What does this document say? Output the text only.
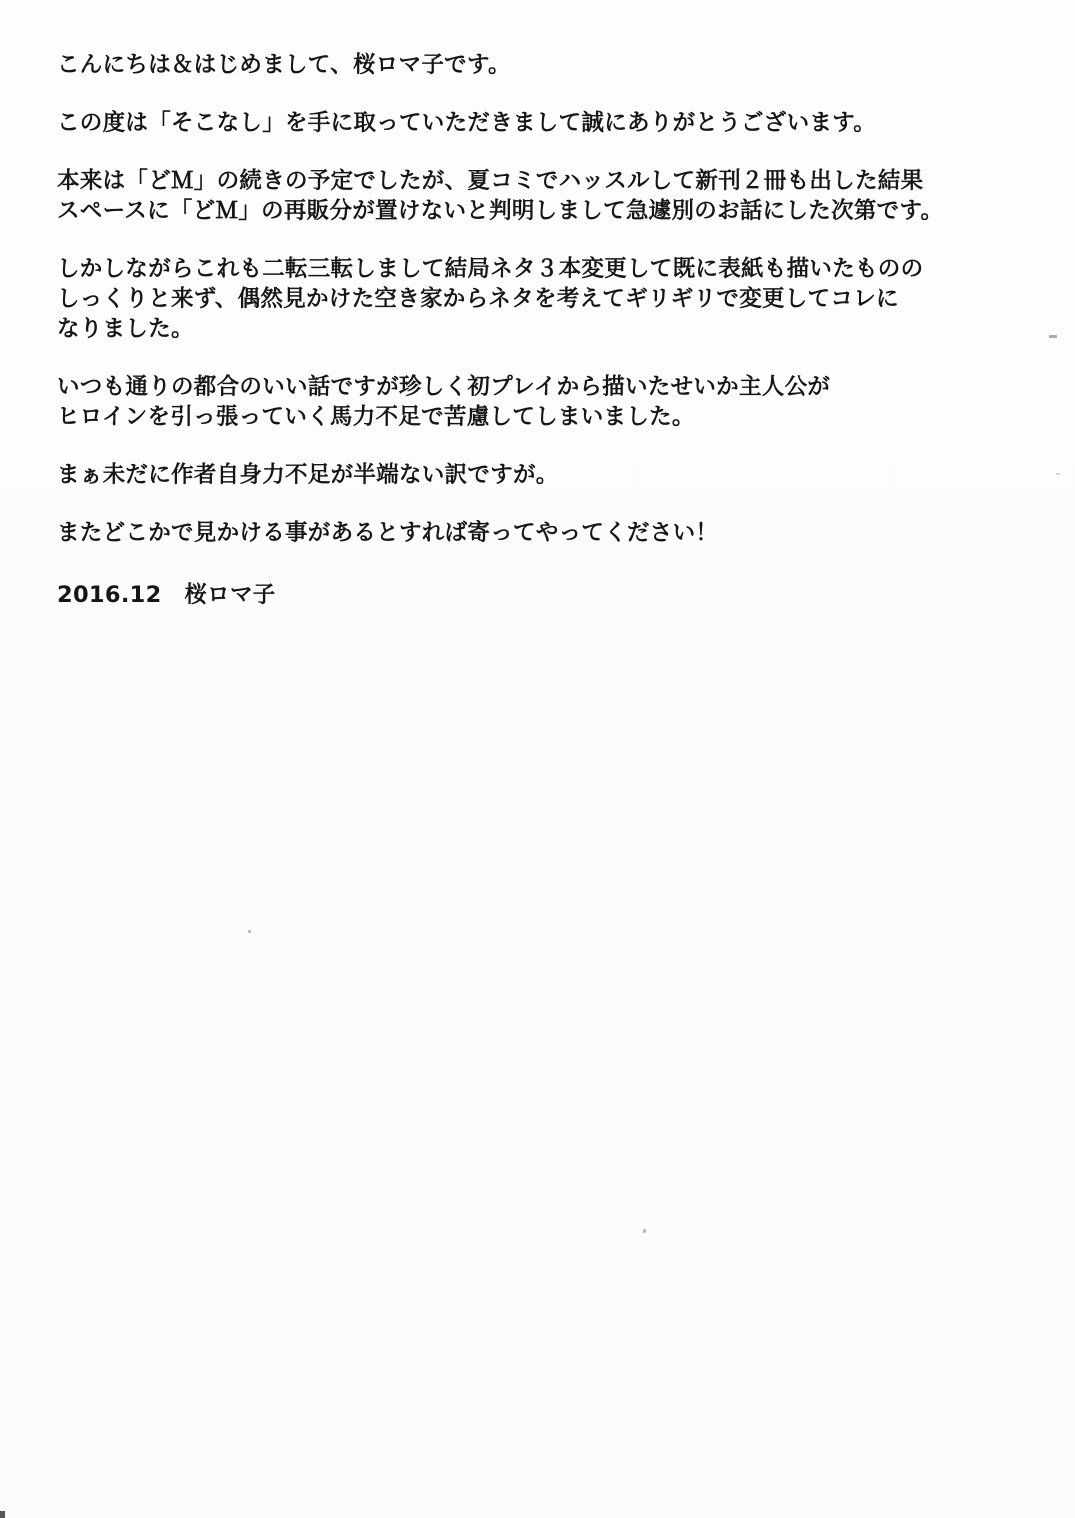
こんにちは＆はじめまして、桜ロマ子です。
この度は「そこなし」を手に取っていただきまして誠にありがとうございます。
本来は「どＭ」の続きの予定でしたが、夏コミでハッスルして新刊２冊も出した結果
スペースに「どＭ」の再販分が置けないと判明しまして急遽別のお話にした次第です。
しかしながらこれも二転三転しまして結局ネタ３本変更して既に表紙も描いたものの
しっくりと来ず、偶然見かけた空き家からネタを考えてギリギリで変更してコレに
なりました。
いつも通りの都合のいい話ですが珍しく初プレイから描いたせいか主人公が
ヒロインを引っ張っていく馬力不足で苦慮してしまいました。
まぁ未だに作者自身力不足が半端ない訳ですが。
またどこかで見かける事があるとすれば寄ってやってください！
2016.12　桜ロマ子
